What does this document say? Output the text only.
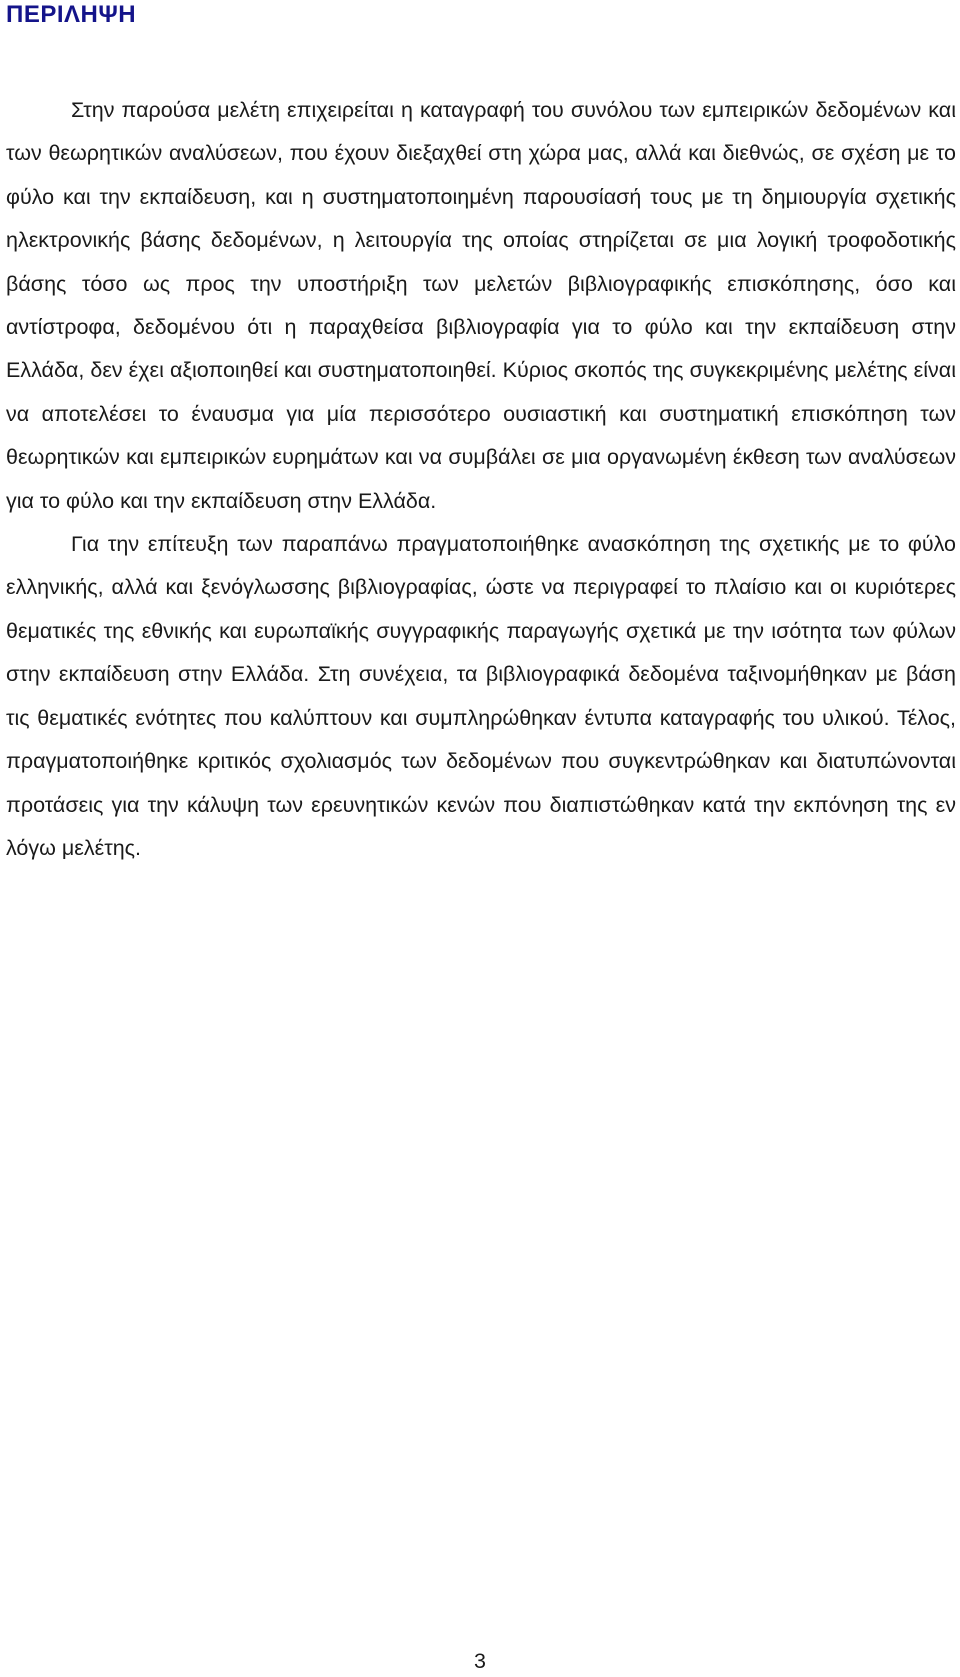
ΠΕΡΙΛΗΨΗ

Στην παρούσα μελέτη επιχειρείται η καταγραφή του συνόλου των εμπειρικών δεδομένων και των θεωρητικών αναλύσεων, που έχουν διεξαχθεί στη χώρα μας, αλλά και διεθνώς, σε σχέση με το φύλο και την εκπαίδευση, και η συστηματοποιημένη παρουσίασή τους με τη δημιουργία σχετικής ηλεκτρονικής βάσης δεδομένων, η λειτουργία της οποίας στηρίζεται σε μια λογική τροφοδοτικής βάσης τόσο ως προς την υποστήριξη των μελετών βιβλιογραφικής επισκόπησης, όσο και αντίστροφα, δεδομένου ότι η παραχθείσα βιβλιογραφία για το φύλο και την εκπαίδευση στην Ελλάδα, δεν έχει αξιοποιηθεί και συστηματοποιηθεί. Κύριος σκοπός της συγκεκριμένης μελέτης είναι να αποτελέσει το έναυσμα για μία περισσότερο ουσιαστική και συστηματική επισκόπηση των θεωρητικών και εμπειρικών ευρημάτων και να συμβάλει σε μια οργανωμένη έκθεση των αναλύσεων για το φύλο και την εκπαίδευση στην Ελλάδα.

Για την επίτευξη των παραπάνω πραγματοποιήθηκε ανασκόπηση της σχετικής με το φύλο ελληνικής, αλλά και ξενόγλωσσης βιβλιογραφίας, ώστε να περιγραφεί το πλαίσιο και οι κυριότερες θεματικές της εθνικής και ευρωπαϊκής συγγραφικής παραγωγής σχετικά με την ισότητα των φύλων στην εκπαίδευση στην Ελλάδα. Στη συνέχεια, τα βιβλιογραφικά δεδομένα ταξινομήθηκαν με βάση τις θεματικές ενότητες που καλύπτουν και συμπληρώθηκαν έντυπα καταγραφής του υλικού. Τέλος, πραγματοποιήθηκε κριτικός σχολιασμός των δεδομένων που συγκεντρώθηκαν και διατυπώνονται προτάσεις για την κάλυψη των ερευνητικών κενών που διαπιστώθηκαν κατά την εκπόνηση της εν λόγω μελέτης.

3
